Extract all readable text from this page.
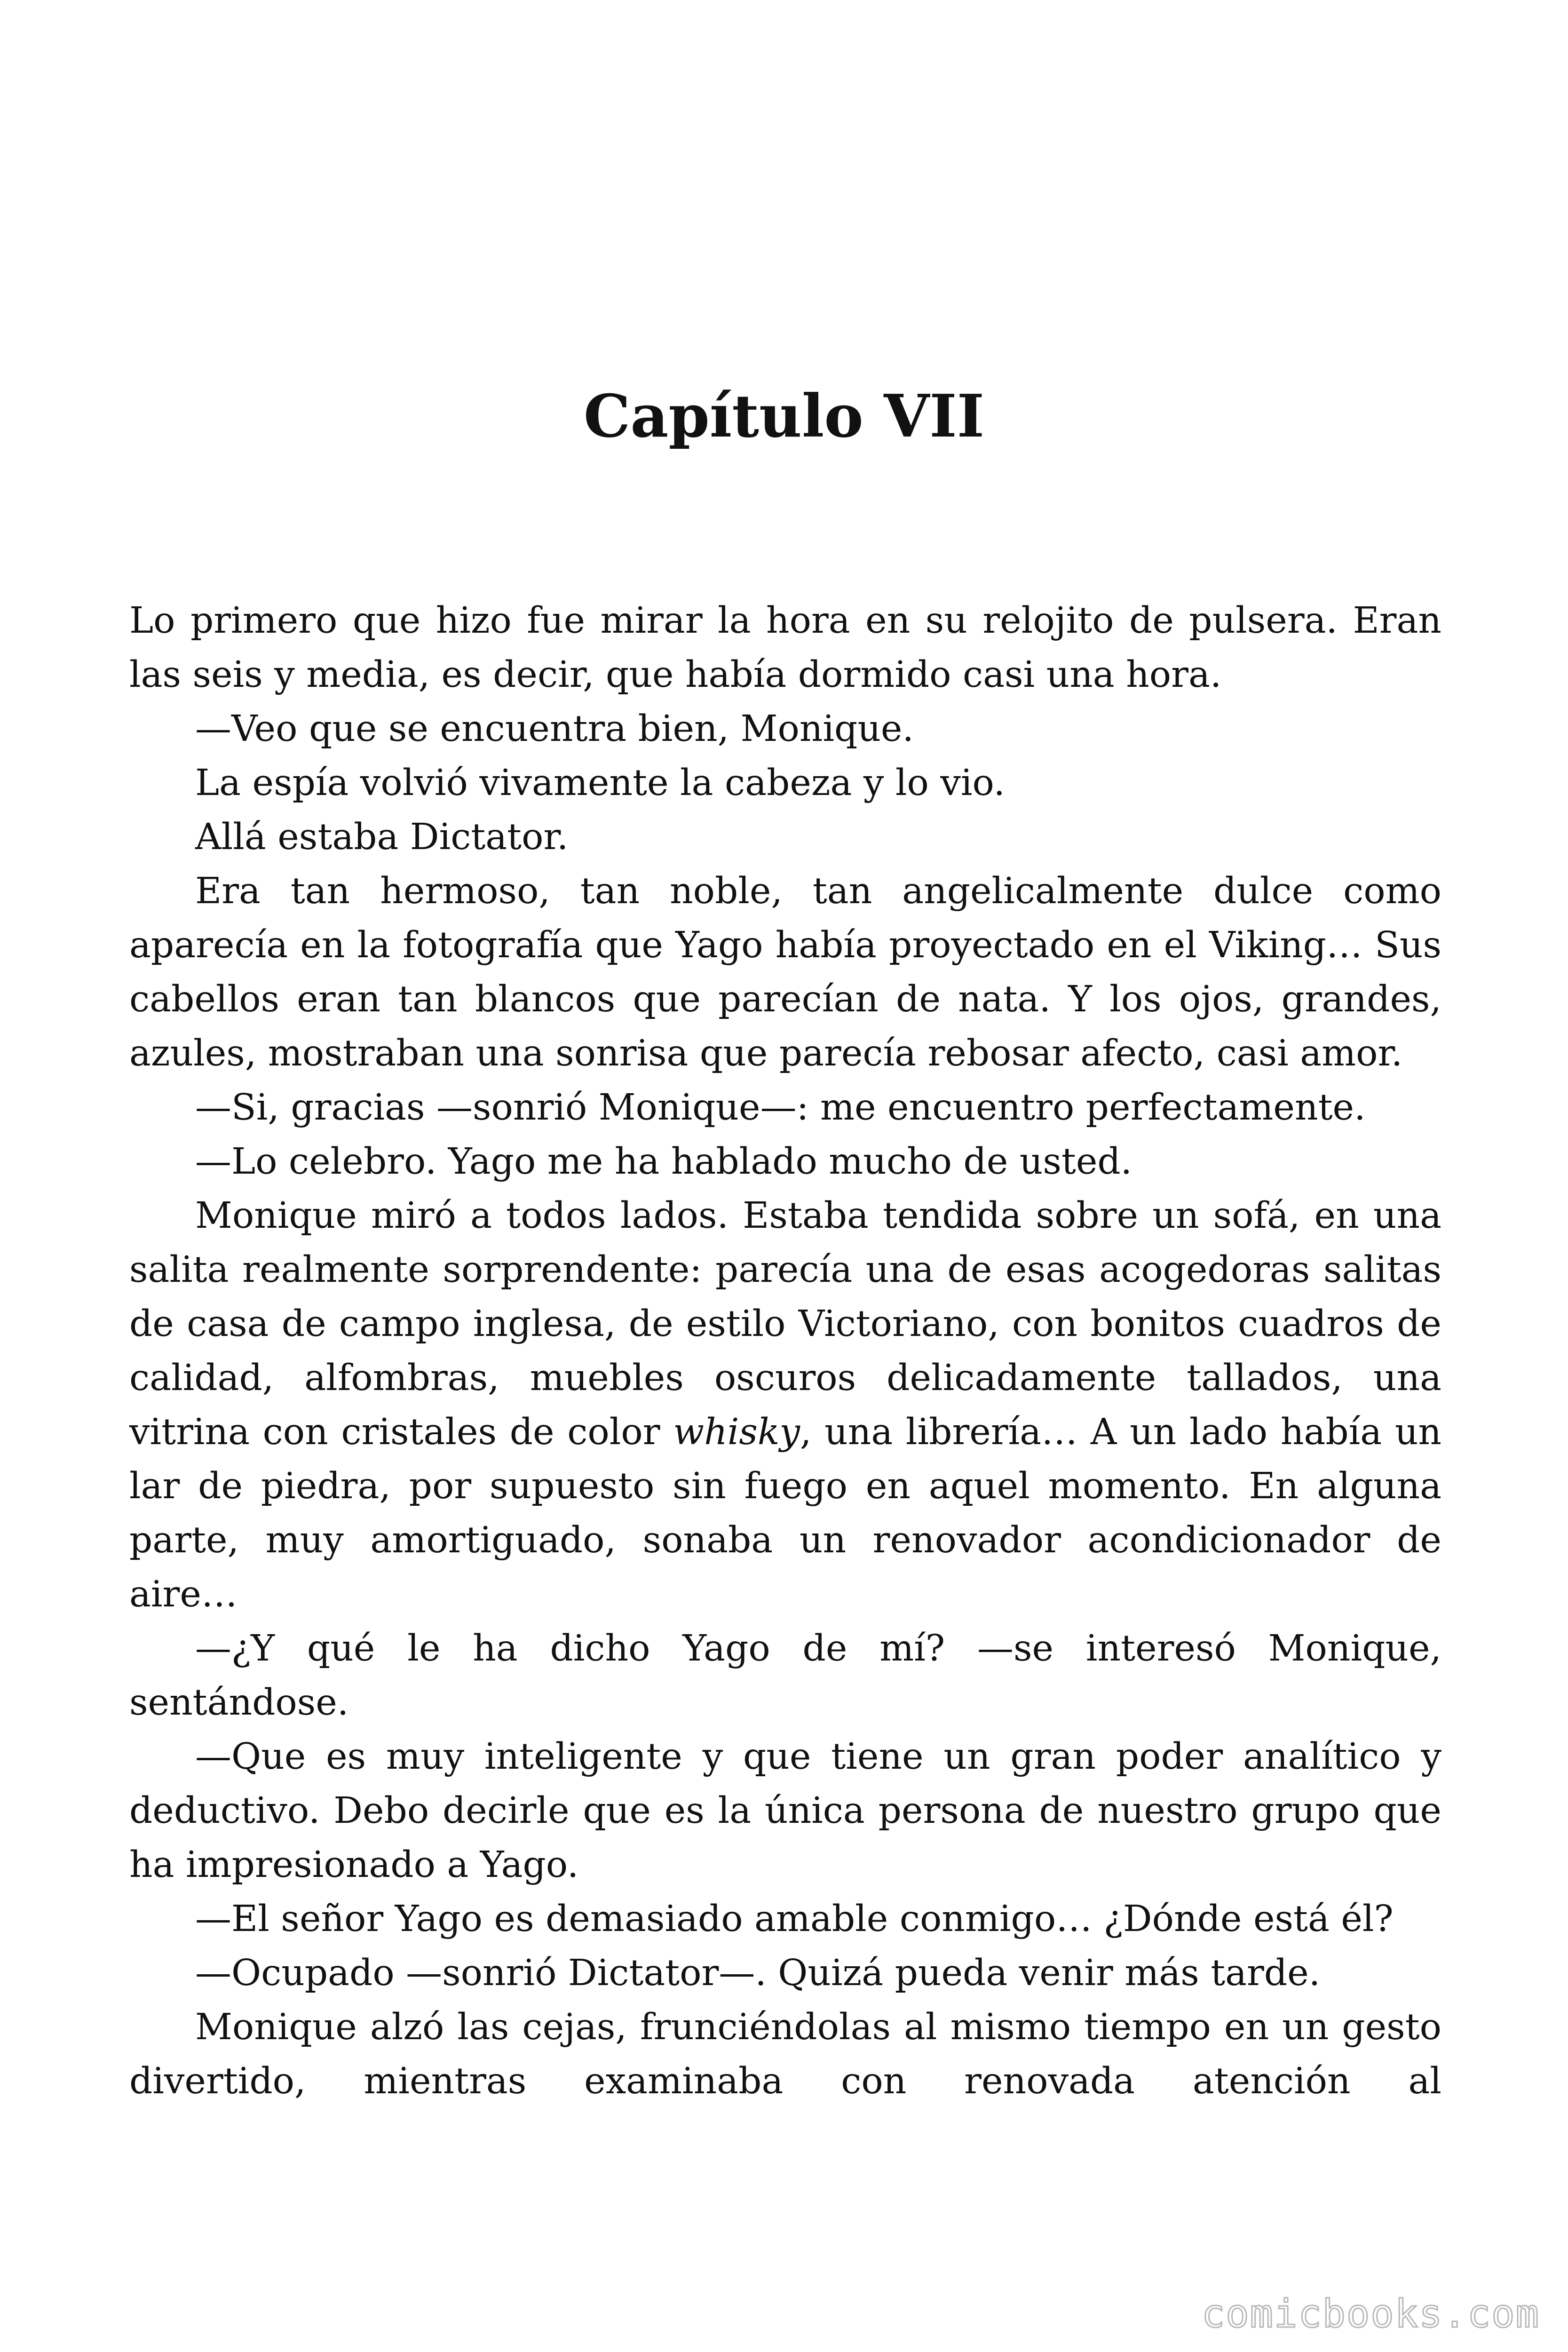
Capítulo VII

Lo primero que hizo fue mirar la hora en su relojito de pulsera. Eran las seis y media, es decir, que había dormido casi una hora.

—Veo que se encuentra bien, Monique.

La espía volvió vivamente la cabeza y lo vio.

Allá estaba Dictator.

Era tan hermoso, tan noble, tan angelicalmente dulce como aparecía en la fotografía que Yago había proyectado en el Viking… Sus cabellos eran tan blancos que parecían de nata. Y los ojos, grandes, azules, mostraban una sonrisa que parecía rebosar afecto, casi amor.

—Si, gracias —sonrió Monique—: me encuentro perfectamente.

—Lo celebro. Yago me ha hablado mucho de usted.

Monique miró a todos lados. Estaba tendida sobre un sofá, en una salita realmente sorprendente: parecía una de esas acogedoras salitas de casa de campo inglesa, de estilo Victoriano, con bonitos cuadros de calidad, alfombras, muebles oscuros delicadamente tallados, una vitrina con cristales de color whisky, una librería… A un lado había un lar de piedra, por supuesto sin fuego en aquel momento. En alguna parte, muy amortiguado, sonaba un renovador acondicionador de aire…

—¿Y qué le ha dicho Yago de mí? —se interesó Monique, sentándose.

—Que es muy inteligente y que tiene un gran poder analítico y deductivo. Debo decirle que es la única persona de nuestro grupo que ha impresionado a Yago.

—El señor Yago es demasiado amable conmigo… ¿Dónde está él?

—Ocupado —sonrió Dictator—. Quizá pueda venir más tarde.

Monique alzó las cejas, frunciéndolas al mismo tiempo en un gesto divertido, mientras examinaba con renovada atención al

comicbooks.com
